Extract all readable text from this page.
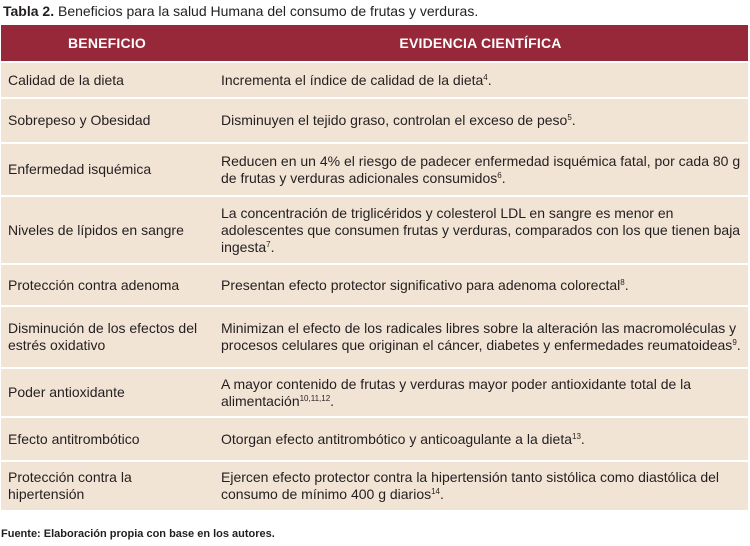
Tabla 2. Beneficios para la salud Humana del consumo de frutas y verduras.
BENEFICIO	EVIDENCIA CIENTÍFICA
Calidad de la dieta	Incrementa el índice de calidad de la dieta$^4$.
Sobrepeso y Obesidad	Disminuyen el tejido graso, controlan el exceso de peso$^5$.
Enfermedad isquémica	Reducen en un 4% el riesgo de padecer enfermedad isquémica fatal, por cada 80 g de frutas y verduras adicionales consumidos$^6$.
Niveles de lípidos en sangre	La concentración de triglicéridos y colesterol LDL en sangre es menor en adolescentes que consumen frutas y verduras, comparados con los que tienen baja ingesta$^7$.
Protección contra adenoma	Presentan efecto protector significativo para adenoma colorectal$^8$.
Disminución de los efectos del estrés oxidativo	Minimizan el efecto de los radicales libres sobre la alteración las macromoléculas y procesos celulares que originan el cáncer, diabetes y enfermedades reumatoideas$^9$.
Poder antioxidante	A mayor contenido de frutas y verduras mayor poder antioxidante total de la alimentación$^{10,11,12}$.
Efecto antitrombótico	Otorgan efecto antitrombótico y anticoagulante a la dieta$^{13}$.
Protección contra la hipertensión	Ejercen efecto protector contra la hipertensión tanto sistólica como diastólica del consumo de mínimo 400 g diarios$^{14}$.
Fuente: Elaboración propia con base en los autores.
